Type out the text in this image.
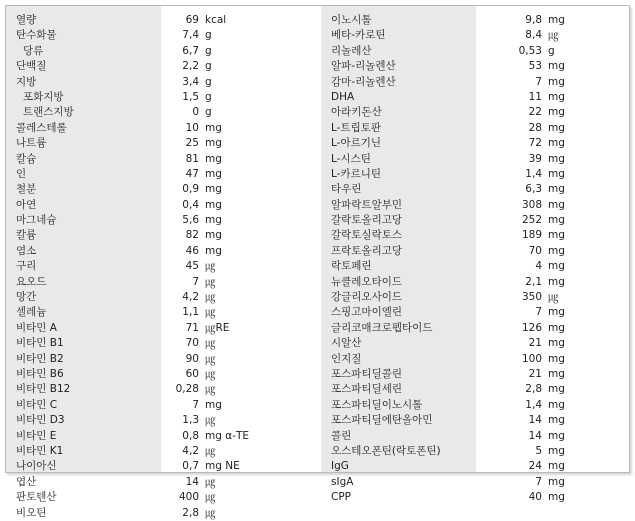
열량
탄수화물
당류
단백질
지방
포화지방
트랜스지방
콜레스테롤
나트륨
칼슘
인
철분
아연
마그네슘
칼륨
염소
구리
요오드
망간
셀레늄
비타민 A
비타민 B1
비타민 B2
비타민 B6
비타민 B12
비타민 C
비타민 D3
비타민 E
비타민 K1
나이아신
엽산
판토텐산
비오틴
69 kcal
7,4 g
6,7 g
2,2 g
3,4 g
1,5 g
0 g
10 mg
25 mg
81 mg
47 mg
0,9 mg
0,4 mg
5,6 mg
82 mg
46 mg
45 ㎍
7 ㎍
4,2 ㎍
1,1 ㎍
71 ㎍RE
70 ㎍
90 ㎍
60 ㎍
0,28 ㎍
7 mg
1,3 ㎍
0,8 mg α-TE
4,2 ㎍
0,7 mg NE
14 ㎍
400 ㎍
2,8 ㎍
이노시톨
베타-카로틴
리놀레산
알파-리놀렌산
감마-리놀렌산
DHA
아라키돈산
L-트립토판
L-아르기닌
L-시스틴
L-카르니틴
타우린
알파락트알부민
갈락토올리고당
갈락토실락토스
프락토올리고당
락토페린
뉴클레오타이드
강글리오사이드
스핑고마이엘린
글리코매크로펩타이드
시알산
인지질
포스파티딜콜린
포스파티딜세린
포스파티딜이노시톨
포스파티딜에탄올아민
콜린
오스테오폰틴(락토폰틴)
IgG
sIgA
CPP
9,8 mg
8,4 ㎍
0,53 g
53 mg
7 mg
11 mg
22 mg
28 mg
72 mg
39 mg
1,4 mg
6,3 mg
308 mg
252 mg
189 mg
70 mg
4 mg
2,1 mg
350 ㎍
7 mg
126 mg
21 mg
100 mg
21 mg
2,8 mg
1,4 mg
14 mg
14 mg
5 mg
24 mg
7 mg
40 mg
